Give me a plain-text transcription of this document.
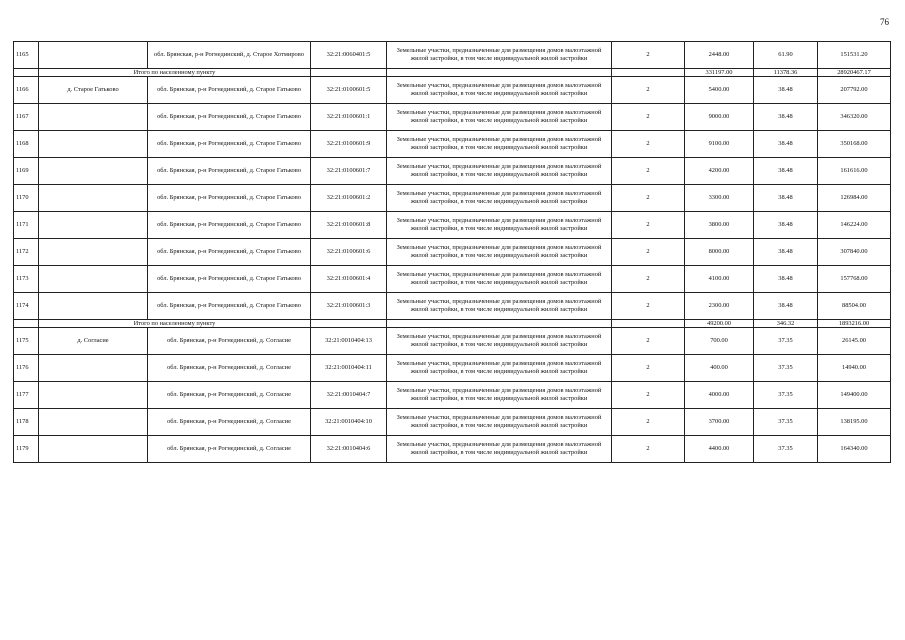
76
1165		обл. Брянская, р-н Рогнединский, д. Старое Хотмирово	32:21:0060401:5	Земельные участки, предназначенные для размещения домов малоэтажной жилой застройки, в том числе индивидуальной жилой застройки	2	2448.00	61.90	151531.20
	Итого по населенному пункту					331197.00	11378.36	28920467.17
1166	д. Старое Гатьково	обл. Брянская, р-н Рогнединский, д. Старое Гатьково	32:21:0100601:5	Земельные участки, предназначенные для размещения домов малоэтажной жилой застройки, в том числе индивидуальной жилой застройки	2	5400.00	38.48	207792.00
1167		обл. Брянская, р-н Рогнединский, д. Старое Гатьково	32:21:0100601:1	Земельные участки, предназначенные для размещения домов малоэтажной жилой застройки, в том числе индивидуальной жилой застройки	2	9000.00	38.48	346320.00
1168		обл. Брянская, р-н Рогнединский, д. Старое Гатьково	32:21:0100601:9	Земельные участки, предназначенные для размещения домов малоэтажной жилой застройки, в том числе индивидуальной жилой застройки	2	9100.00	38.48	350168.00
1169		обл. Брянская, р-н Рогнединский, д. Старое Гатьково	32:21:0100601:7	Земельные участки, предназначенные для размещения домов малоэтажной жилой застройки, в том числе индивидуальной жилой застройки	2	4200.00	38.48	161616.00
1170		обл. Брянская, р-н Рогнединский, д. Старое Гатьково	32:21:0100601:2	Земельные участки, предназначенные для размещения домов малоэтажной жилой застройки, в том числе индивидуальной жилой застройки	2	3300.00	38.48	126984.00
1171		обл. Брянская, р-н Рогнединский, д. Старое Гатьково	32:21:0100601:8	Земельные участки, предназначенные для размещения домов малоэтажной жилой застройки, в том числе индивидуальной жилой застройки	2	3800.00	38.48	146224.00
1172		обл. Брянская, р-н Рогнединский, д. Старое Гатьково	32:21:0100601:6	Земельные участки, предназначенные для размещения домов малоэтажной жилой застройки, в том числе индивидуальной жилой застройки	2	8000.00	38.48	307840.00
1173		обл. Брянская, р-н Рогнединский, д. Старое Гатьково	32:21:0100601:4	Земельные участки, предназначенные для размещения домов малоэтажной жилой застройки, в том числе индивидуальной жилой застройки	2	4100.00	38.48	157768.00
1174		обл. Брянская, р-н Рогнединский, д. Старое Гатьково	32:21:0100601:3	Земельные участки, предназначенные для размещения домов малоэтажной жилой застройки, в том числе индивидуальной жилой застройки	2	2300.00	38.48	88504.00
	Итого по населенному пункту					49200.00	346.32	1893216.00
1175	д. Согласие	обл. Брянская, р-н Рогнединский, д. Согласие	32:21:0010404:13	Земельные участки, предназначенные для размещения домов малоэтажной жилой застройки, в том числе индивидуальной жилой застройки	2	700.00	37.35	26145.00
1176		обл. Брянская, р-н Рогнединский, д. Согласие	32:21:0010404:11	Земельные участки, предназначенные для размещения домов малоэтажной жилой застройки, в том числе индивидуальной жилой застройки	2	400.00	37.35	14940.00
1177		обл. Брянская, р-н Рогнединский, д. Согласие	32:21:0010404:7	Земельные участки, предназначенные для размещения домов малоэтажной жилой застройки, в том числе индивидуальной жилой застройки	2	4000.00	37.35	149400.00
1178		обл. Брянская, р-н Рогнединский, д. Согласие	32:21:0010404:10	Земельные участки, предназначенные для размещения домов малоэтажной жилой застройки, в том числе индивидуальной жилой застройки	2	3700.00	37.35	138195.00
1179		обл. Брянская, р-н Рогнединский, д. Согласие	32:21:0010404:6	Земельные участки, предназначенные для размещения домов малоэтажной жилой застройки, в том числе индивидуальной жилой застройки	2	4400.00	37.35	164340.00
